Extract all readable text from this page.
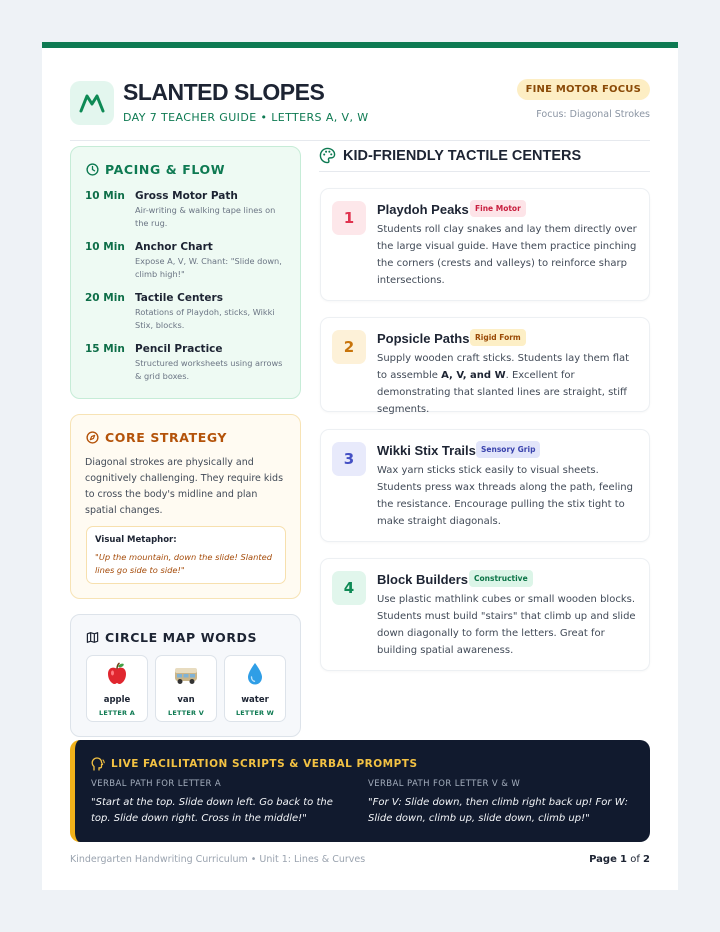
SLANTED SLOPES
DAY 7 TEACHER GUIDE • LETTERS A, V, W
FINE MOTOR FOCUS
Focus: Diagonal Strokes
PACING & FLOW
10 Min Gross Motor Path
Air-writing & walking tape lines on the rug.
10 Min Anchor Chart
Expose A, V, W. Chant: "Slide down, climb high!"
20 Min Tactile Centers
Rotations of Playdoh, sticks, Wikki Stix, blocks.
15 Min Pencil Practice
Structured worksheets using arrows & grid boxes.
CORE STRATEGY
Diagonal strokes are physically and cognitively challenging. They require kids to cross the body's midline and plan spatial changes.
Visual Metaphor:
"Up the mountain, down the slide! Slanted lines go side to side!"
CIRCLE MAP WORDS
apple
LETTER A
van
LETTER V
water
LETTER W
KID-FRIENDLY TACTILE CENTERS
1	Playdoh Peaks Fine Motor
Students roll clay snakes and lay them directly over the large visual guide. Have them practice pinching the corners (crests and valleys) to reinforce sharp intersections.
2	Popsicle Paths Rigid Form
Supply wooden craft sticks. Students lay them flat to assemble A, V, and W. Excellent for demonstrating that slanted lines are straight, stiff segments.
3	Wikki Stix Trails Sensory Grip
Wax yarn sticks stick easily to visual sheets. Students press wax threads along the path, feeling the resistance. Encourage pulling the stix tight to make straight diagonals.
4	Block Builders Constructive
Use plastic mathlink cubes or small wooden blocks. Students must build "stairs" that climb up and slide down diagonally to form the letters. Great for building spatial awareness.
LIVE FACILITATION SCRIPTS & VERBAL PROMPTS
VERBAL PATH FOR LETTER A
"Start at the top. Slide down left. Go back to the top. Slide down right. Cross in the middle!"
VERBAL PATH FOR LETTER V & W
"For V: Slide down, then climb right back up! For W: Slide down, climb up, slide down, climb up!"
Kindergarten Handwriting Curriculum • Unit 1: Lines & Curves	Page 1 of 2
